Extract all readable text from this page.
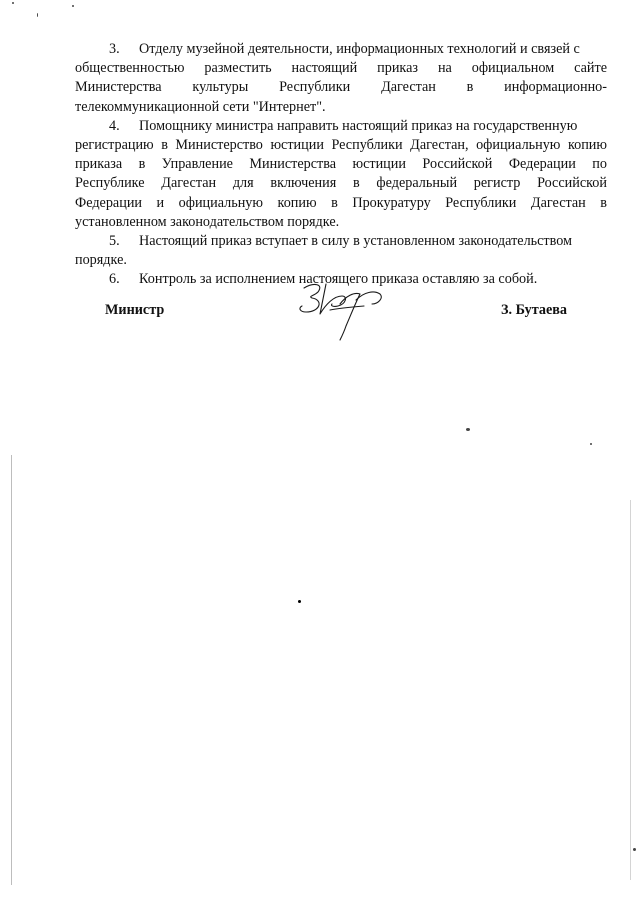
3. Отделу музейной деятельности, информационных технологий и связей с
общественностью разместить настоящий приказ на официальном сайте
Министерства культуры Республики Дагестан в информационно-
телекоммуникационной сети "Интернет".
4. Помощнику министра направить настоящий приказ на государственную
регистрацию в Министерство юстиции Республики Дагестан, официальную копию
приказа в Управление Министерства юстиции Российской Федерации по
Республике Дагестан для включения в федеральный регистр Российской
Федерации и официальную копию в Прокуратуру Республики Дагестан в
установленном законодательством порядке.
5. Настоящий приказ вступает в силу в установленном законодательством
порядке.
6. Контроль за исполнением настоящего приказа оставляю за собой.
Министр	З. Бутаева
